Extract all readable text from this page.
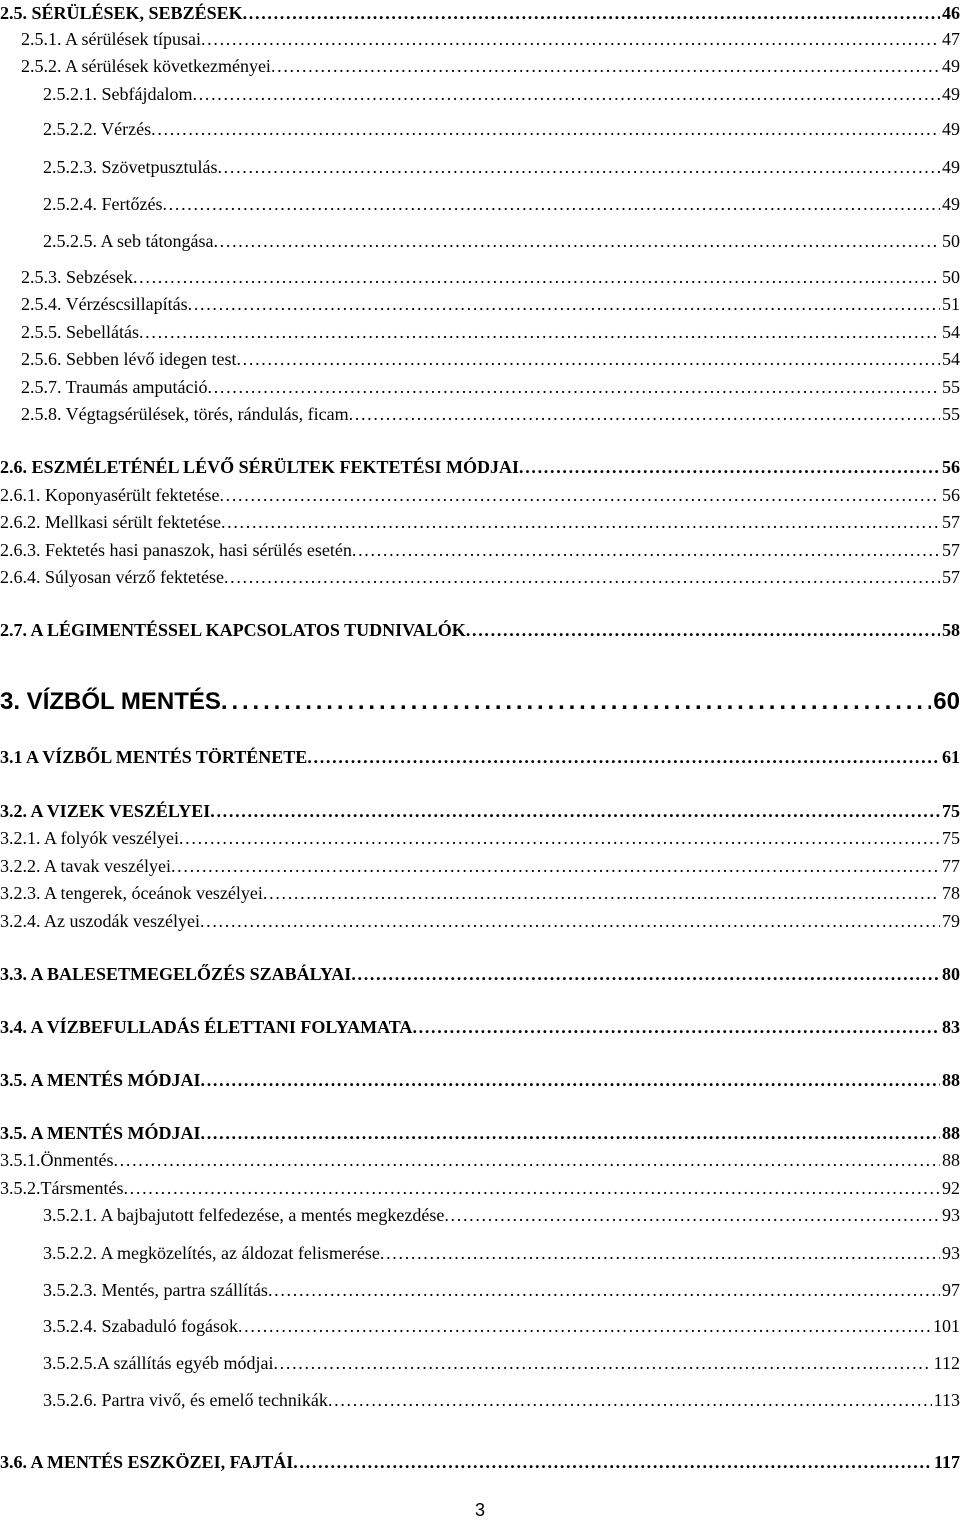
2.5. SÉRÜLÉSEK, SEBZÉSEK . . .	46
2.5.1. A sérülések típusai . . .	47
2.5.2. A sérülések következményei . . .	49
2.5.2.1. Sebfájdalom . . .	49
2.5.2.2. Vérzés . . .	49
2.5.2.3. Szövetpusztulás . . .	49
2.5.2.4. Fertőzés . . .	49
2.5.2.5. A seb tátongása . . .	50
2.5.3. Sebzések . . .	50
2.5.4. Vérzéscsillapítás . . .	51
2.5.5. Sebellátás . . .	54
2.5.6. Sebben lévő idegen test . . .	54
2.5.7. Traumás amputáció . . .	55
2.5.8. Végtagsérülések, törés, rándulás, ficam . . .	55
2.6. ESZMÉLETÉNÉL LÉVŐ SÉRÜLTEK FEKTETÉSI MÓDJAI . . .	56
2.6.1. Koponyasérült fektetése . . .	56
2.6.2. Mellkasi sérült fektetése . . .	57
2.6.3. Fektetés hasi panaszok, hasi sérülés esetén . . .	57
2.6.4. Súlyosan vérző fektetése . . .	57
2.7. A LÉGIMENTÉSSEL KAPCSOLATOS TUDNIVALÓK . . .	58
3. VÍZBŐL MENTÉS . . .	60
3.1 A VÍZBŐL MENTÉS TÖRTÉNETE . . .	61
3.2. A VIZEK VESZÉLYEI . . .	75
3.2.1. A folyók veszélyei . . .	75
3.2.2. A tavak veszélyei . . .	77
3.2.3. A tengerek, óceánok veszélyei . . .	78
3.2.4. Az uszodák veszélyei . . .	79
3.3. A BALESETMEGELŐZÉS SZABÁLYAI . . .	80
3.4. A VÍZBEFULLADÁS ÉLETTANI FOLYAMATA . . .	83
3.5. A MENTÉS MÓDJAI . . .	88
3.5. A MENTÉS MÓDJAI . . .	88
3.5.1.Önmentés . . .	88
3.5.2.Társmentés . . .	92
3.5.2.1. A bajbajutott felfedezése, a mentés megkezdése . . .	93
3.5.2.2. A megközelítés, az áldozat felismerése . . .	93
3.5.2.3. Mentés, partra szállítás . . .	97
3.5.2.4. Szabaduló fogások . . .	101
3.5.2.5.A szállítás egyéb módjai . . .	112
3.5.2.6. Partra vivő, és emelő technikák . . .	113
3.6. A MENTÉS ESZKÖZEI, FAJTÁI . . .	117
3
